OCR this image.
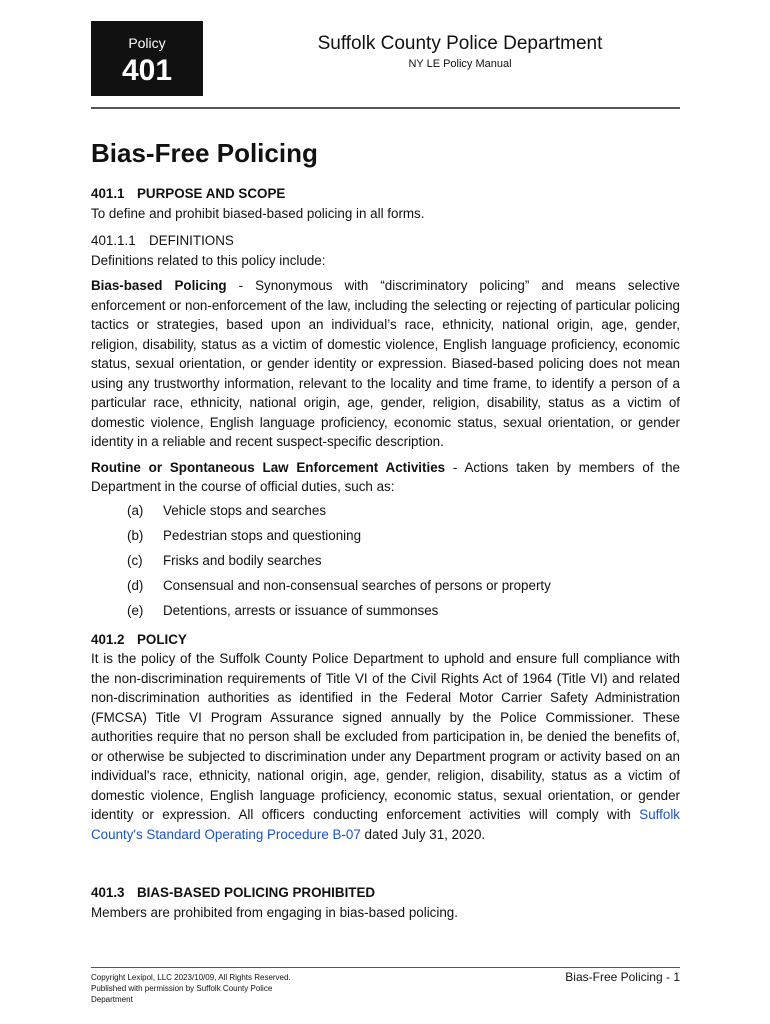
Policy
401
Suffolk County Police Department
NY LE Policy Manual
Bias-Free Policing

401.1 PURPOSE AND SCOPE

To define and prohibit biased-based policing in all forms.

401.1.1 DEFINITIONS

Definitions related to this policy include:

Bias-based Policing - Synonymous with “discriminatory policing” and means selective enforcement or non-enforcement of the law, including the selecting or rejecting of particular policing tactics or strategies, based upon an individual’s race, ethnicity, national origin, age, gender, religion, disability, status as a victim of domestic violence, English language proficiency, economic status, sexual orientation, or gender identity or expression. Biased-based policing does not mean using any trustworthy information, relevant to the locality and time frame, to identify a person of a particular race, ethnicity, national origin, age, gender, religion, disability, status as a victim of domestic violence, English language proficiency, economic status, sexual orientation, or gender identity in a reliable and recent suspect-specific description.

Routine or Spontaneous Law Enforcement Activities - Actions taken by members of the Department in the course of official duties, such as:

(a) Vehicle stops and searches
(b) Pedestrian stops and questioning
(c) Frisks and bodily searches
(d) Consensual and non-consensual searches of persons or property
(e) Detentions, arrests or issuance of summonses

401.2 POLICY

It is the policy of the Suffolk County Police Department to uphold and ensure full compliance with the non-discrimination requirements of Title VI of the Civil Rights Act of 1964 (Title VI) and related non-discrimination authorities as identified in the Federal Motor Carrier Safety Administration (FMCSA) Title VI Program Assurance signed annually by the Police Commissioner. These authorities require that no person shall be excluded from participation in, be denied the benefits of, or otherwise be subjected to discrimination under any Department program or activity based on an individual's race, ethnicity, national origin, age, gender, religion, disability, status as a victim of domestic violence, English language proficiency, economic status, sexual orientation, or gender identity or expression. All officers conducting enforcement activities will comply with Suffolk County's Standard Operating Procedure B-07 dated July 31, 2020.

401.3 BIAS-BASED POLICING PROHIBITED

Members are prohibited from engaging in bias-based policing.

Copyright Lexipol, LLC 2023/10/09, All Rights Reserved.
Published with permission by Suffolk County Police
Department
Bias-Free Policing - 1
